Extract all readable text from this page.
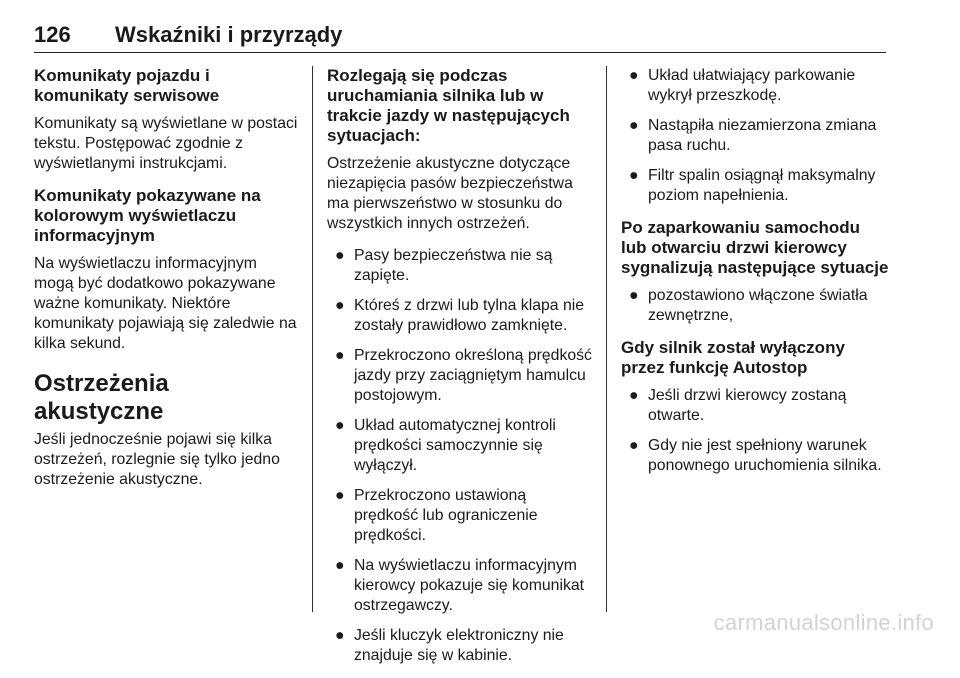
126 Wskaźniki i przyrządy
Komunikaty pojazdu i komunikaty serwisowe

Komunikaty są wyświetlane w postaci tekstu. Postępować zgodnie z wyświetlanymi instrukcjami.

Komunikaty pokazywane na kolorowym wyświetlaczu informacyjnym

Na wyświetlaczu informacyjnym mogą być dodatkowo pokazywane ważne komunikaty. Niektóre komunikaty pojawiają się zaledwie na kilka sekund.

Ostrzeżenia akustyczne

Jeśli jednocześnie pojawi się kilka ostrzeżeń, rozlegnie się tylko jedno ostrzeżenie akustyczne.

Rozlegają się podczas uruchamiania silnika lub w trakcie jazdy w następujących sytuacjach:

Ostrzeżenie akustyczne dotyczące niezapięcia pasów bezpieczeństwa ma pierwszeństwo w stosunku do wszystkich innych ostrzeżeń.

● Pasy bezpieczeństwa nie są zapięte.
● Któreś z drzwi lub tylna klapa nie zostały prawidłowo zamknięte.
● Przekroczono określoną prędkość jazdy przy zaciągniętym hamulcu postojowym.
● Układ automatycznej kontroli prędkości samoczynnie się wyłączył.
● Przekroczono ustawioną prędkość lub ograniczenie prędkości.
● Na wyświetlaczu informacyjnym kierowcy pokazuje się komunikat ostrzegawczy.
● Jeśli kluczyk elektroniczny nie znajduje się w kabinie.
● Układ ułatwiający parkowanie wykrył przeszkodę.
● Nastąpiła niezamierzona zmiana pasa ruchu.
● Filtr spalin osiągnął maksymalny poziom napełnienia.
Po zaparkowaniu samochodu lub otwarciu drzwi kierowcy sygnalizują następujące sytuacje
● pozostawiono włączone światła zewnętrzne,
Gdy silnik został wyłączony przez funkcję Autostop
● Jeśli drzwi kierowcy zostaną otwarte.
● Gdy nie jest spełniony warunek ponownego uruchomienia silnika.
carmanualsonline.info
